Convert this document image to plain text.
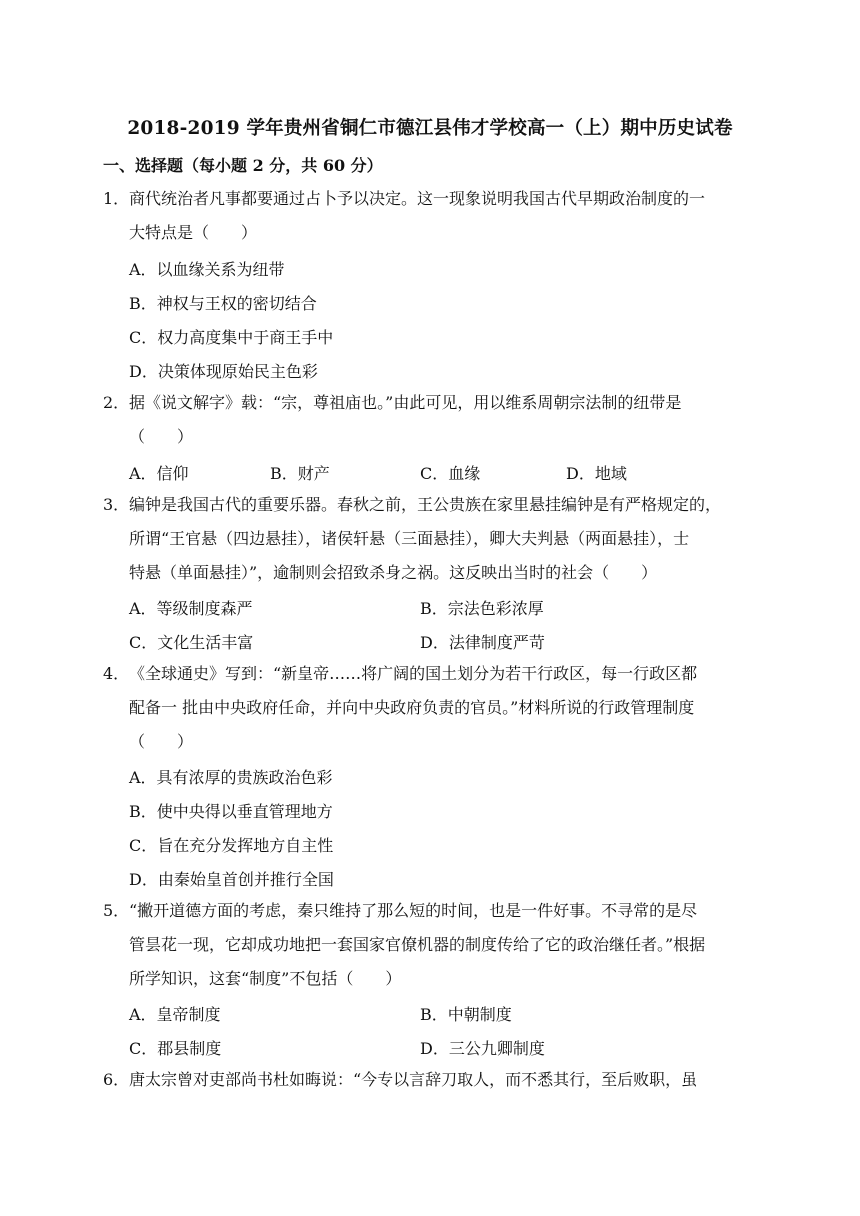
2018-2019 学年贵州省铜仁市德江县伟才学校高一（上）期中历史试卷
一、选择题（每小题 2 分，共 60 分）
1． 商代统治者凡事都要通过占卜予以决定。这一现象说明我国古代早期政治制度的一
大特点是（　　）
A．以血缘关系为纽带
B．神权与王权的密切结合
C．权力高度集中于商王手中
D．决策体现原始民主色彩
2． 据《说文解字》载：“宗，尊祖庙也。”由此可见，用以维系周朝宗法制的纽带是
（　　）
A．信仰	B．财产	C．血缘	D．地域
3． 编钟是我国古代的重要乐器。春秋之前，王公贵族在家里悬挂编钟是有严格规定的，
所谓“王官悬（四边悬挂），诸侯轩悬（三面悬挂），卿大夫判悬（两面悬挂），士
特悬（单面悬挂）”，逾制则会招致杀身之祸。这反映出当时的社会（　　）
A．等级制度森严	B．宗法色彩浓厚
C．文化生活丰富	D．法律制度严苛
4． 《全球通史》写到：“新皇帝……将广阔的国土划分为若干行政区，每一行政区都
配备一 批由中央政府任命，并向中央政府负责的官员。”材料所说的行政管理制度
（　　）
A．具有浓厚的贵族政治色彩
B．使中央得以垂直管理地方
C．旨在充分发挥地方自主性
D．由秦始皇首创并推行全国
5． “撇开道德方面的考虑，秦只维持了那么短的时间，也是一件好事。不寻常的是尽
管昙花一现，它却成功地把一套国家官僚机器的制度传给了它的政治继任者。”根据
所学知识，这套“制度”不包括（　　）
A．皇帝制度	B．中朝制度
C．郡县制度	D．三公九卿制度
6． 唐太宗曾对吏部尚书杜如晦说：“今专以言辞刀取人，而不悉其行，至后败职，虽
